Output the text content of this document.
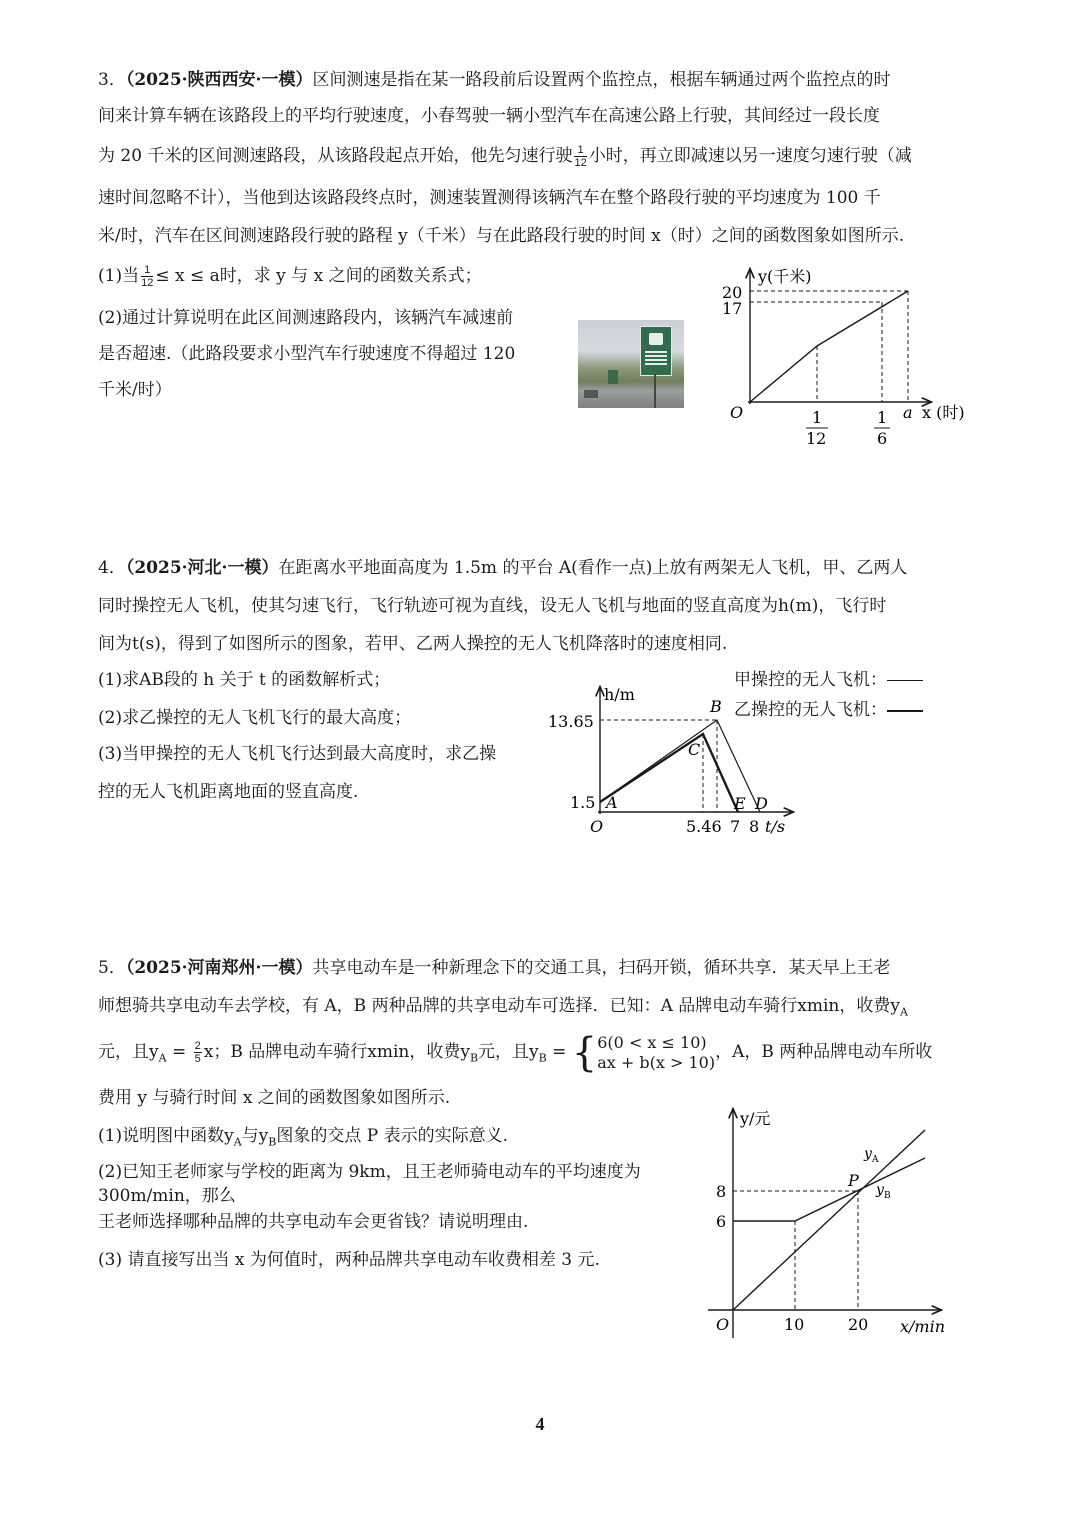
3．（2025·陕西西安·一模）区间测速是指在某一路段前后设置两个监控点，根据车辆通过两个监控点的时
间来计算车辆在该路段上的平均行驶速度，小春驾驶一辆小型汽车在高速公路上行驶，其间经过一段长度
为 20 千米的区间测速路段，从该路段起点开始，他先匀速行驶 $\frac{1}{12}$ 小时，再立即减速以另一速度匀速行驶（减
速时间忽略不计），当他到达该路段终点时，测速装置测得该辆汽车在整个路段行驶的平均速度为 100 千
米/时，汽车在区间测速路段行驶的路程 y（千米）与在此路段行驶的时间 x（时）之间的函数图象如图所示.
(1)当 $\frac{1}{12} \le x \le a$时，求 y 与 x 之间的函数关系式；
(2)通过计算说明在此区间测速路段内，该辆汽车减速前
是否超速.（此路段要求小型汽车行驶速度不得超过 120
千米/时）
y(千米)
20
17
O	1
12
1
6
a x (时)
4．（2025·河北·一模）在距离水平地面高度为 1.5m 的平台 A(看作一点)上放有两架无人飞机，甲、乙两人
同时操控无人飞机，使其匀速飞行，飞行轨迹可视为直线，设无人飞机与地面的竖直高度为h(m)，飞行时
间为t(s)，得到了如图所示的图象，若甲、乙两人操控的无人飞机降落时的速度相同.
(1)求AB段的 h 关于 t 的函数解析式；
(2)求乙操控的无人飞机飞行的最大高度；
(3)当甲操控的无人飞机飞行达到最大高度时，求乙操
控的无人飞机距离地面的竖直高度.
甲操控的无人飞机：
乙操控的无人飞机：
h/m
13.65
1.5
O
A
B
C
E D
5.46 7 8 t/s
5．（2025·河南郑州·一模）共享电动车是一种新理念下的交通工具，扫码开锁，循环共享．某天早上王老
师想骑共享电动车去学校，有 A，B 两种品牌的共享电动车可选择．已知：A 品牌电动车骑行xmin，收费$y_A$
元，且$y_A = \frac{2}{5}$ x；B 品牌电动车骑行xmin，收费$y_B$元，且$y_B$ = { 6(0 < x ≤ 10)
ax + b(x > 10) ，A，B 两种品牌电动车所收
费用 y 与骑行时间 x 之间的函数图象如图所示.
(1)说明图中函数$y_A$与$y_B$图象的交点 P 表示的实际意义.
(2)已知王老师家与学校的距离为 9km，且王老师骑电动车的平均速度为
300m/min，那么
王老师选择哪种品牌的共享电动车会更省钱？请说明理由.
(3) 请直接写出当 x 为何值时，两种品牌共享电动车收费相差 3 元.
y/元
8
6
O	10	20 x/min
P
y A
y B
4
